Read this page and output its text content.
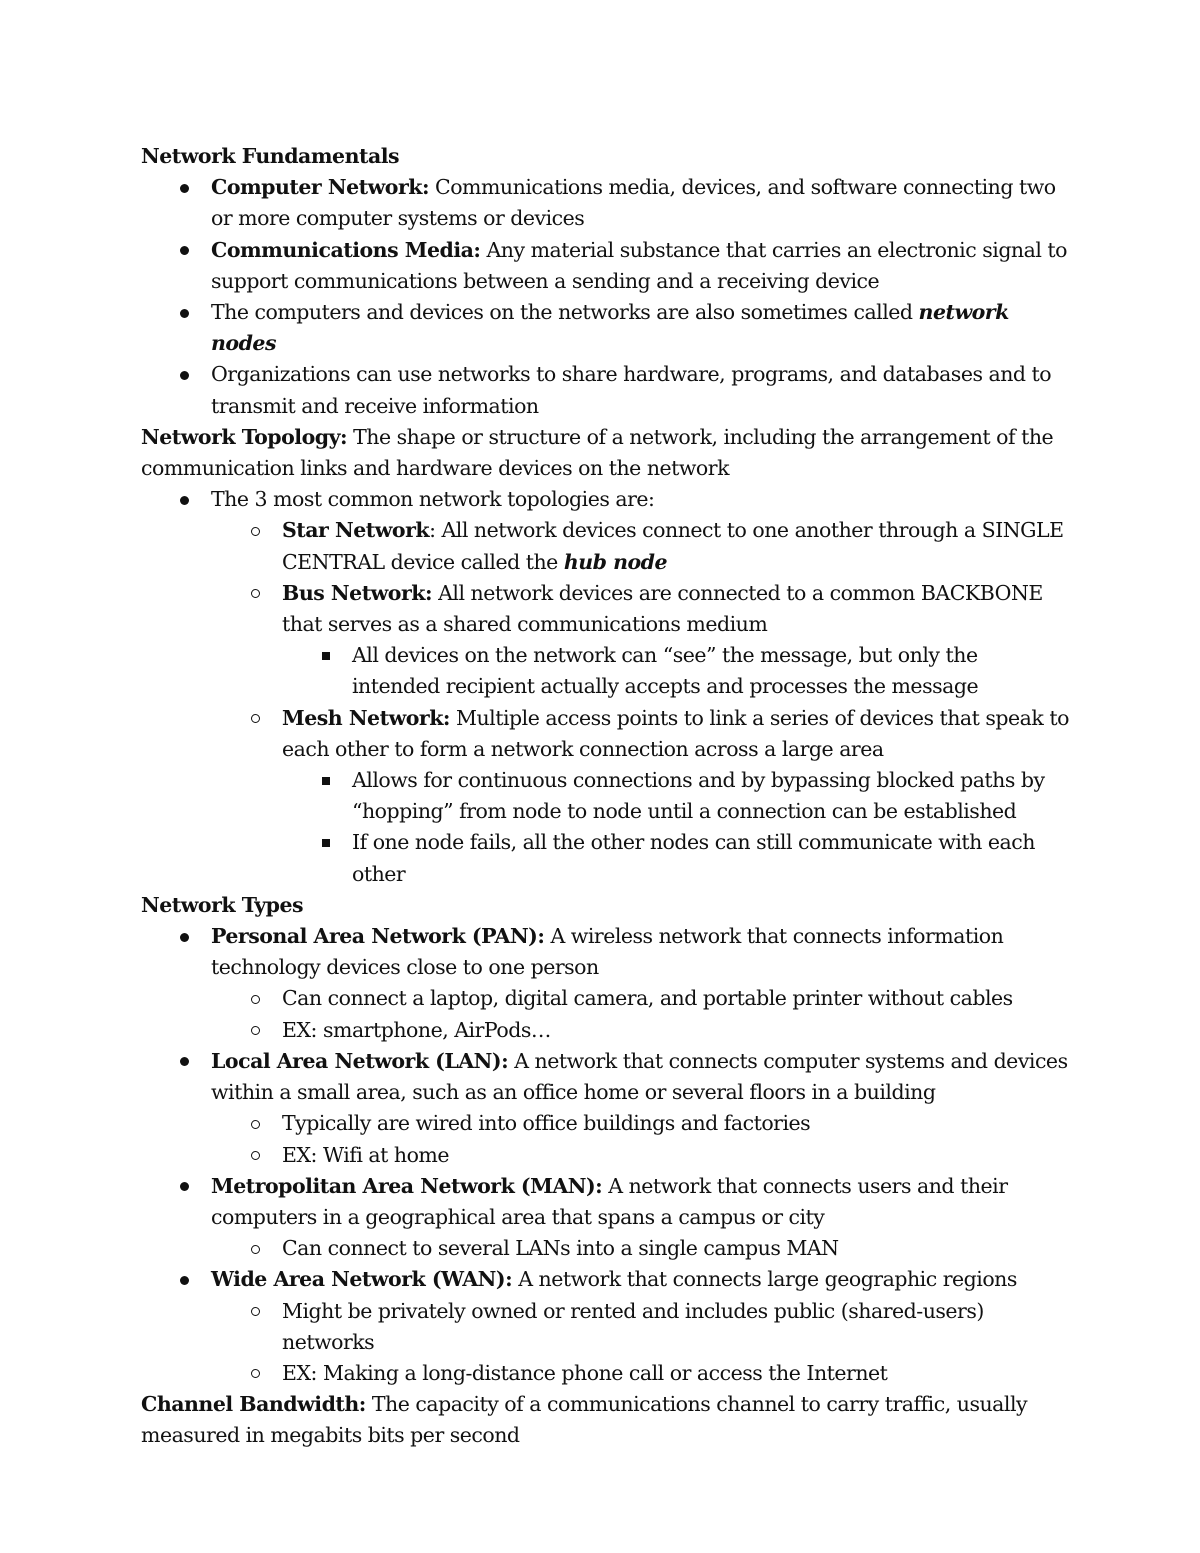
Network Fundamentals

Computer Network: Communications media, devices, and software connecting two or more computer systems or devices
Communications Media: Any material substance that carries an electronic signal to support communications between a sending and a receiving device
The computers and devices on the networks are also sometimes called network nodes
Organizations can use networks to share hardware, programs, and databases and to transmit and receive information

Network Topology: The shape or structure of a network, including the arrangement of the communication links and hardware devices on the network

The 3 most common network topologies are:
Star Network: All network devices connect to one another through a SINGLE CENTRAL device called the hub node
Bus Network: All network devices are connected to a common BACKBONE that serves as a shared communications medium
All devices on the network can “see” the message, but only the intended recipient actually accepts and processes the message
Mesh Network: Multiple access points to link a series of devices that speak to each other to form a network connection across a large area
Allows for continuous connections and by bypassing blocked paths by “hopping” from node to node until a connection can be established
If one node fails, all the other nodes can still communicate with each other

Network Types

Personal Area Network (PAN): A wireless network that connects information technology devices close to one person
Can connect a laptop, digital camera, and portable printer without cables
EX: smartphone, AirPods…
Local Area Network (LAN): A network that connects computer systems and devices within a small area, such as an office home or several floors in a building
Typically are wired into office buildings and factories
EX: Wifi at home
Metropolitan Area Network (MAN): A network that connects users and their computers in a geographical area that spans a campus or city
Can connect to several LANs into a single campus MAN
Wide Area Network (WAN): A network that connects large geographic regions
Might be privately owned or rented and includes public (shared-users) networks
EX: Making a long-distance phone call or access the Internet

Channel Bandwidth: The capacity of a communications channel to carry traffic, usually measured in megabits bits per second
